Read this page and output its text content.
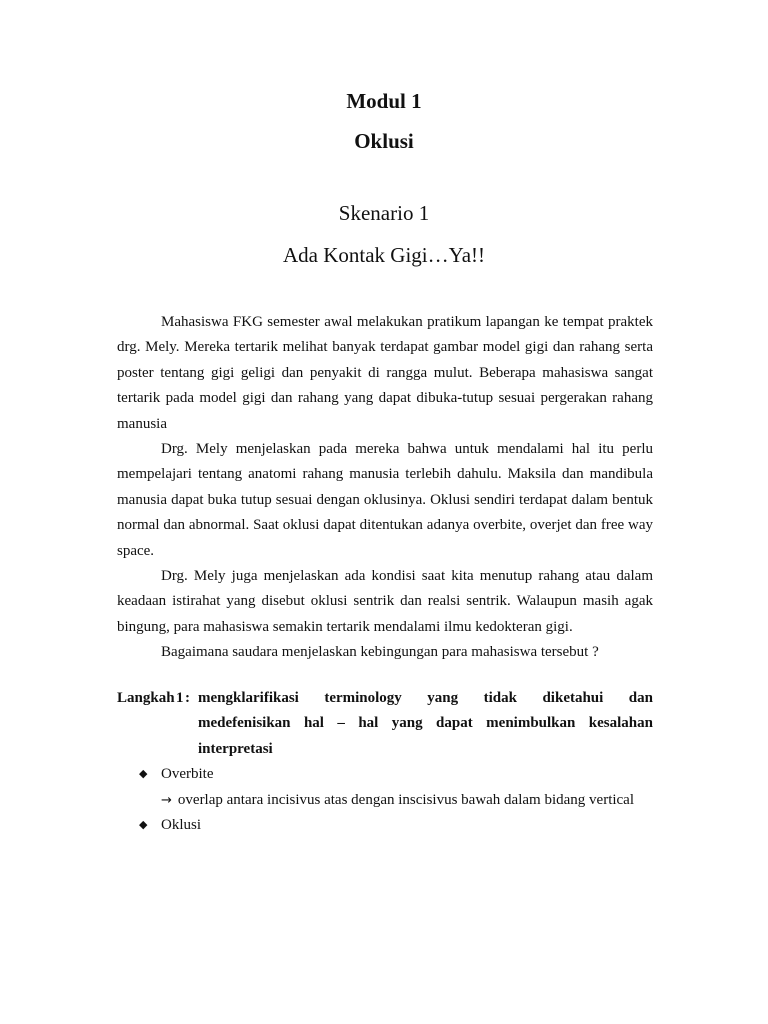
Modul 1
Oklusi
Skenario 1
Ada Kontak Gigi…Ya!!

Mahasiswa FKG semester awal melakukan pratikum lapangan ke tempat praktek drg. Mely. Mereka tertarik melihat banyak terdapat gambar model gigi dan rahang serta poster tentang gigi geligi dan penyakit di rangga mulut. Beberapa mahasiswa sangat tertarik pada model gigi dan rahang yang dapat dibuka-tutup sesuai pergerakan rahang manusia

Drg. Mely menjelaskan pada mereka bahwa untuk mendalami hal itu perlu mempelajari tentang anatomi rahang manusia terlebih dahulu. Maksila dan mandibula manusia dapat buka tutup sesuai dengan oklusinya. Oklusi sendiri terdapat dalam bentuk normal dan abnormal. Saat oklusi dapat ditentukan adanya overbite, overjet dan free way space.

Drg. Mely juga menjelaskan ada kondisi saat kita menutup rahang atau dalam keadaan istirahat yang disebut oklusi sentrik dan realsi sentrik. Walaupun masih agak bingung, para mahasiswa semakin tertarik mendalami ilmu kedokteran gigi.

Bagaimana saudara menjelaskan kebingungan para mahasiswa tersebut ?

Langkah 1 : mengklarifikasi terminology yang tidak diketahui dan
medefenisikan hal – hal yang dapat menimbulkan kesalahan interpretasi
◆ Overbite
→ overlap antara incisivus atas dengan inscisivus bawah dalam bidang vertical
◆ Oklusi
